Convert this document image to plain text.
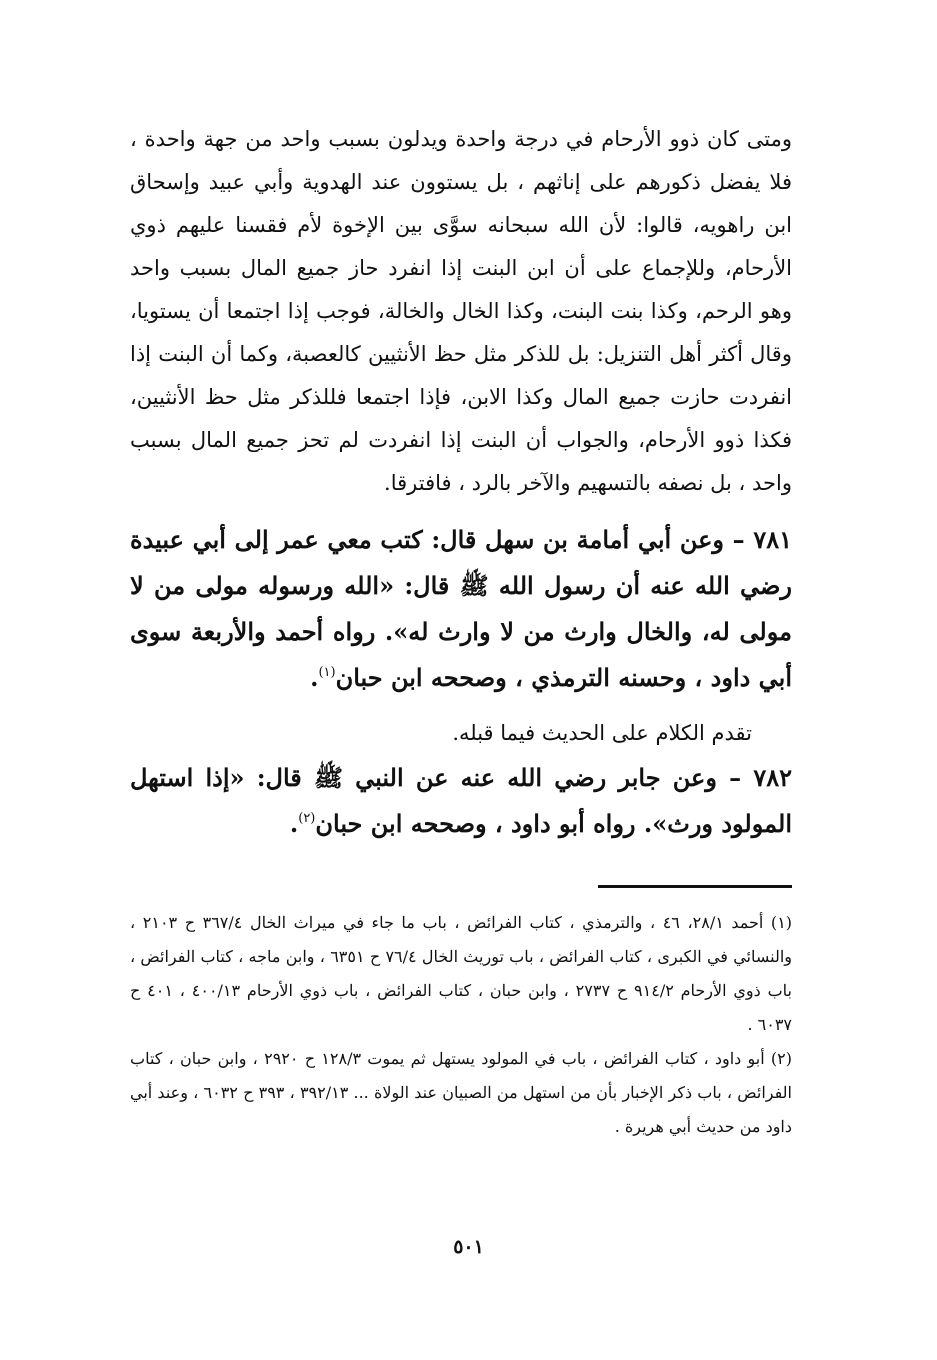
ومتى كان ذوو الأرحام في درجة واحدة ويدلون بسبب واحد من جهة واحدة ، فلا يفضل ذكورهم على إناثهم ، بل يستوون عند الهدوية وأبي عبيد وإسحاق ابن راهويه، قالوا: لأن الله سبحانه سوَّى بين الإخوة لأم فقسنا عليهم ذوي الأرحام، وللإجماع على أن ابن البنت إذا انفرد حاز جميع المال بسبب واحد وهو الرحم، وكذا بنت البنت، وكذا الخال والخالة، فوجب إذا اجتمعا أن يستويا، وقال أكثر أهل التنزيل: بل للذكر مثل حظ الأنثيين كالعصبة، وكما أن البنت إذا انفردت حازت جميع المال وكذا الابن، فإذا اجتمعا فللذكر مثل حظ الأنثيين، فكذا ذوو الأرحام، والجواب أن البنت إذا انفردت لم تحز جميع المال بسبب واحد ، بل نصفه بالتسهيم والآخر بالرد ، فافترقا.

٧٨١ – وعن أبي أمامة بن سهل قال: كتب معي عمر إلى أبي عبيدة رضي الله عنه أن رسول الله ﷺ قال: «الله ورسوله مولى من لا مولى له، والخال وارث من لا وارث له». رواه أحمد والأربعة سوى أبي داود ، وحسنه الترمذي ، وصححه ابن حبان$^{(١)}$.

تقدم الكلام على الحديث فيما قبله.

٧٨٢ – وعن جابر رضي الله عنه عن النبي ﷺ قال: «إذا استهل المولود ورث». رواه أبو داود ، وصححه ابن حبان$^{(٢)}$.

(١) أحمد ٢٨/١، ٤٦ ، والترمذي ، كتاب الفرائض ، باب ما جاء في ميراث الخال ٣٦٧/٤ ح ٢١٠٣ ، والنسائي في الكبرى ، كتاب الفرائض ، باب توريث الخال ٧٦/٤ ح ٦٣٥١ ، وابن ماجه ، كتاب الفرائض ، باب ذوي الأرحام ٩١٤/٢ ح ٢٧٣٧ ، وابن حبان ، كتاب الفرائض ، باب ذوي الأرحام ٤٠٠/١٣ ، ٤٠١ ح ٦٠٣٧ .

(٢) أبو داود ، كتاب الفرائض ، باب في المولود يستهل ثم يموت ١٢٨/٣ ح ٢٩٢٠ ، وابن حبان ، كتاب الفرائض ، باب ذكر الإخبار بأن من استهل من الصبيان عند الولاة ... ٣٩٢/١٣ ، ٣٩٣ ح ٦٠٣٢ ، وعند أبي داود من حديث أبي هريرة .

٥٠١
